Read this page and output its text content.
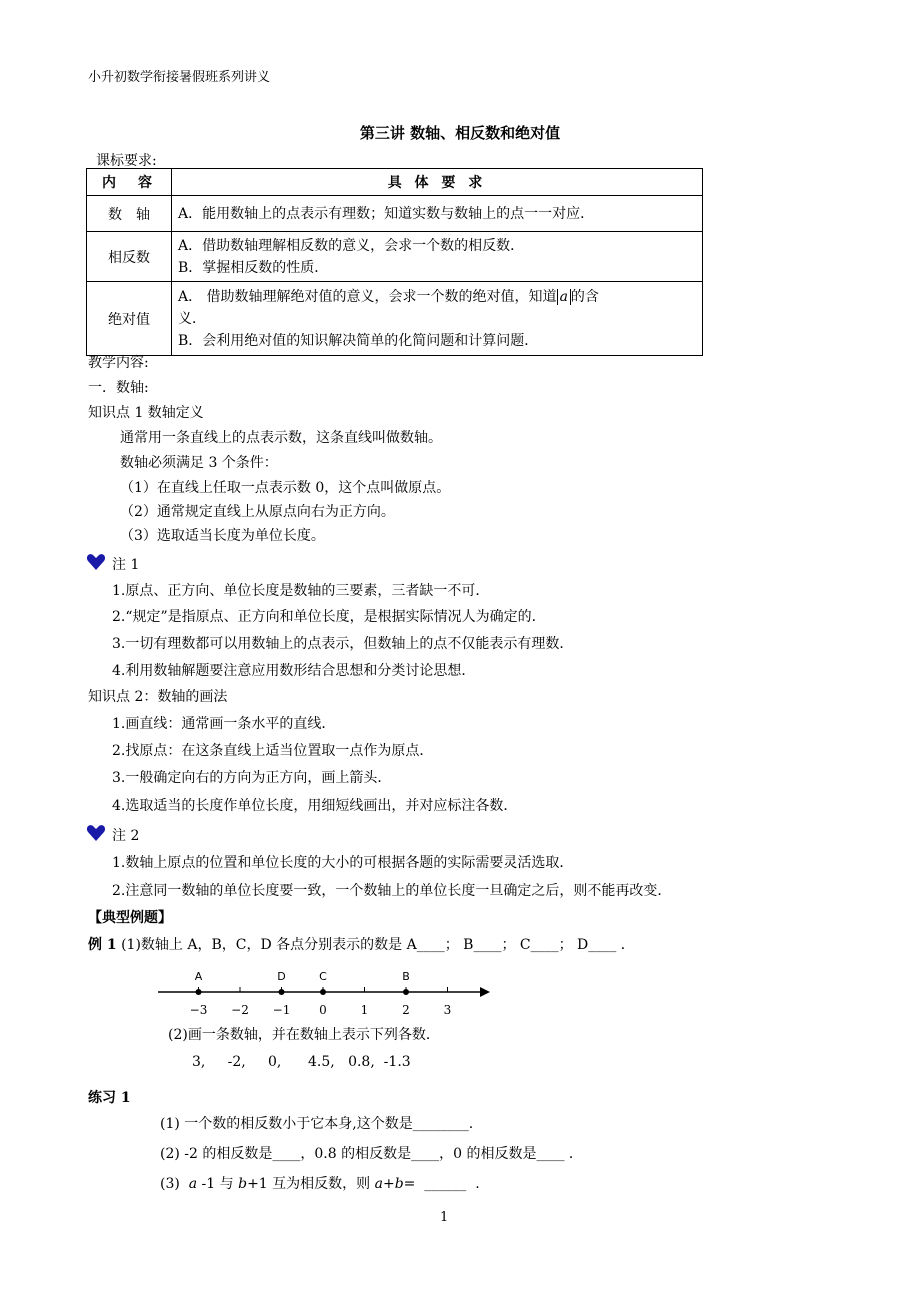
小升初数学衔接暑假班系列讲义
第三讲 数轴、相反数和绝对值
课标要求:
内　容	具 体 要 求
数　轴	A．能用数轴上的点表示有理数；知道实数与数轴上的点一一对应．

相反数	A．借助数轴理解相反数的意义，会求一个数的相反数．
B．掌握相反数的性质．

绝对值	A． 借助数轴理解绝对值的意义，会求一个数的绝对值，知道 a 的含
义．
B．会利用绝对值的知识解决简单的化简问题和计算问题．
教学内容:
一．数轴:
知识点 1 数轴定义
通常用一条直线上的点表示数，这条直线叫做数轴。
数轴必须满足 3 个条件：
（1）在直线上任取一点表示数 0，这个点叫做原点。
（2）通常规定直线上从原点向右为正方向。
（3）选取适当长度为单位长度。
注 1
1.原点、正方向、单位长度是数轴的三要素，三者缺一不可．
2.“规定”是指原点、正方向和单位长度，是根据实际情况人为确定的．
3.一切有理数都可以用数轴上的点表示，但数轴上的点不仅能表示有理数．
4.利用数轴解题要注意应用数形结合思想和分类讨论思想．
知识点 2：数轴的画法
1.画直线：通常画一条水平的直线．
2.找原点：在这条直线上适当位置取一点作为原点．
3.一般确定向右的方向为正方向，画上箭头．
4.选取适当的长度作单位长度，用细短线画出，并对应标注各数．
注 2
1.数轴上原点的位置和单位长度的大小的可根据各题的实际需要灵活选取．
2.注意同一数轴的单位长度要一致，一个数轴上的单位长度一旦确定之后，则不能再改变．
【典型例题】
例 1 (1)数轴上 A，B，C，D 各点分别表示的数是 A____； B____； C____； D____ ．
−3 −2 −1 0	1	2	3
A	D	C	B
(2)画一条数轴，并在数轴上表示下列各数．
3,     -2,     0,      4.5,   0.8,  -1.3
练习 1
(1) 一个数的相反数小于它本身,这个数是________.
(2) -2 的相反数是____，0.8 的相反数是____，0 的相反数是____ ．
(3)  a -1 与 b+1 互为相反数，则 a+b=  ______  .
1
